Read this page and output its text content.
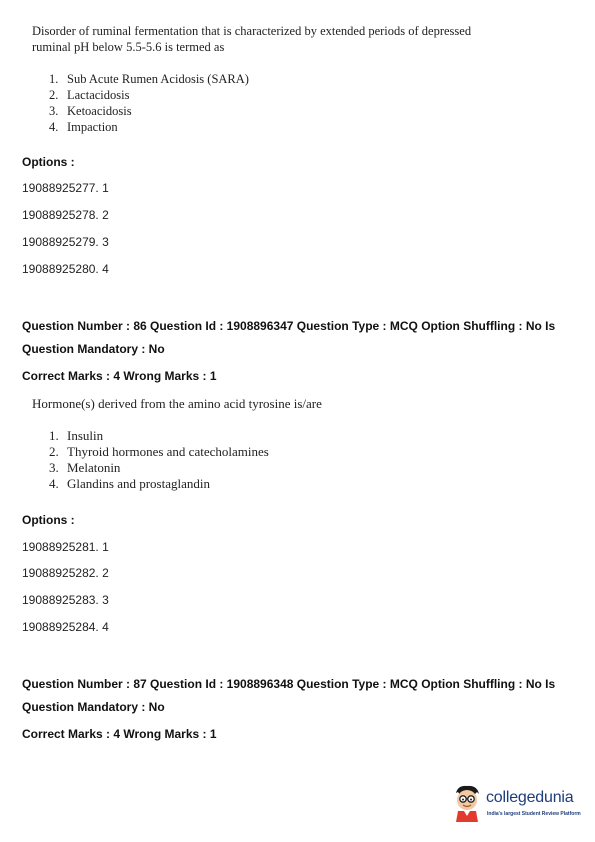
Disorder of ruminal fermentation that is characterized by extended periods of depressed ruminal pH below 5.5-5.6 is termed as
1. Sub Acute Rumen Acidosis (SARA)
2. Lactacidosis
3. Ketoacidosis
4. Impaction
Options :
19088925277. 1
19088925278. 2
19088925279. 3
19088925280. 4
Question Number : 86 Question Id : 1908896347 Question Type : MCQ Option Shuffling : No Is
Question Mandatory : No
Correct Marks : 4 Wrong Marks : 1
Hormone(s) derived from the amino acid tyrosine is/are
1. Insulin
2. Thyroid hormones and catecholamines
3. Melatonin
4. Glandins and prostaglandin
Options :
19088925281. 1
19088925282. 2
19088925283. 3
19088925284. 4
Question Number : 87 Question Id : 1908896348 Question Type : MCQ Option Shuffling : No Is
Question Mandatory : No
Correct Marks : 4 Wrong Marks : 1
collegedunia
India's largest Student Review Platform
